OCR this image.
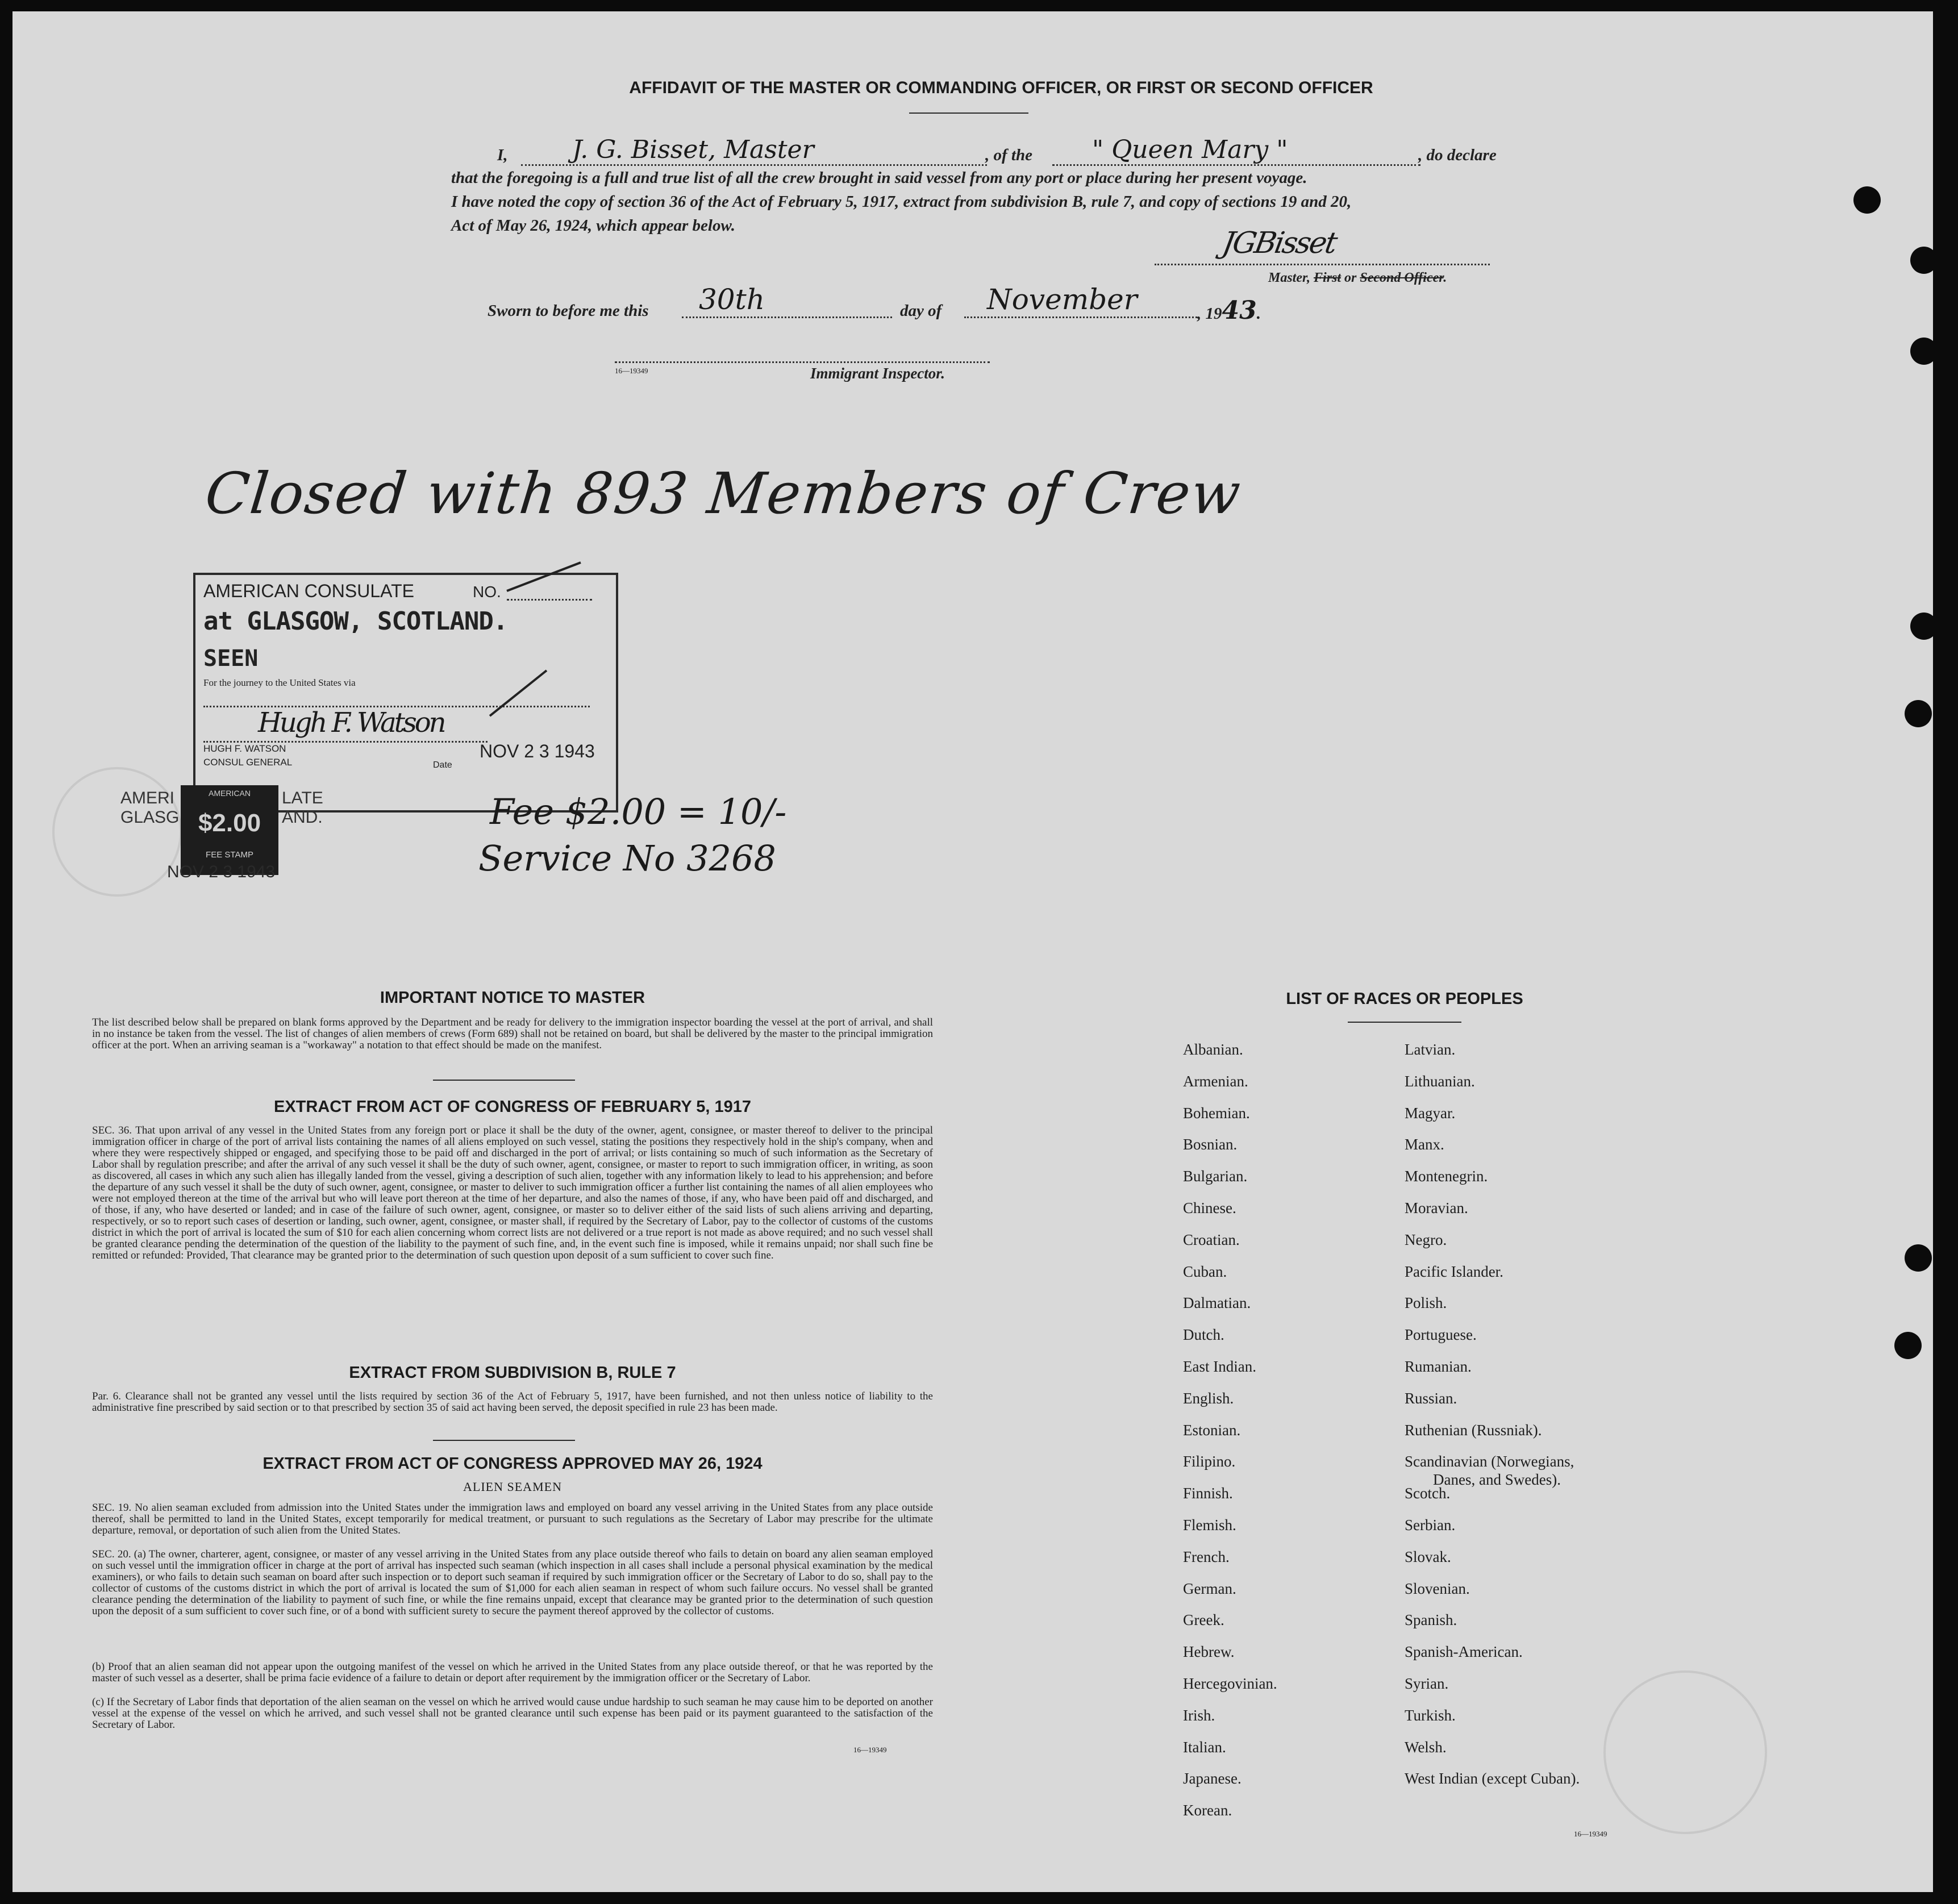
AFFIDAVIT OF THE MASTER OR COMMANDING OFFICER, OR FIRST OR SECOND OFFICER
I,	J. G. Bisset, Master	, of the	" Queen Mary "	, do declare
that the foregoing is a full and true list of all the crew brought in said vessel from any port or place during her present voyage.
I have noted the copy of section 36 of the Act of February 5, 1917, extract from subdivision B, rule 7, and copy of sections 19 and 20,
Act of May 26, 1924, which appear below.
JGBisset
Master, First or Second Officer.
Sworn to before me this	30th	day of	November	, 1943.
16—19349	Immigrant Inspector.
Closed with 893 Members of Crew
AMERICAN CONSULATE	NO.
at GLASGOW, SCOTLAND.
SEEN
For the journey to the United States via
Hugh F. Watson
HUGH F. WATSON
CONSUL GENERAL	Date
NOV 2 3 1943
AMERI
GLASG
LATE
AND.
AMERICAN
$2.00
FEE STAMP
NOV 2 3 1943
Fee $2.00 = 10/-
Service No 3268
IMPORTANT NOTICE TO MASTER
The list described below shall be prepared on blank forms approved by the Department and be ready for delivery to the immigration inspector boarding the vessel at the port of arrival, and shall in no instance be taken from the vessel. The list of changes of alien members of crews (Form 689) shall not be retained on board, but shall be delivered by the master to the principal immigration officer at the port. When an arriving seaman is a "workaway" a notation to that effect should be made on the manifest.
EXTRACT FROM ACT OF CONGRESS OF FEBRUARY 5, 1917
SEC. 36. That upon arrival of any vessel in the United States from any foreign port or place it shall be the duty of the owner, agent, consignee, or master thereof to deliver to the principal immigration officer in charge of the port of arrival lists containing the names of all aliens employed on such vessel, stating the positions they respectively hold in the ship's company, when and where they were respectively shipped or engaged, and specifying those to be paid off and discharged in the port of arrival; or lists containing so much of such information as the Secretary of Labor shall by regulation prescribe; and after the arrival of any such vessel it shall be the duty of such owner, agent, consignee, or master to report to such immigration officer, in writing, as soon as discovered, all cases in which any such alien has illegally landed from the vessel, giving a description of such alien, together with any information likely to lead to his apprehension; and before the departure of any such vessel it shall be the duty of such owner, agent, consignee, or master to deliver to such immigration officer a further list containing the names of all alien employees who were not employed thereon at the time of the arrival but who will leave port thereon at the time of her departure, and also the names of those, if any, who have been paid off and discharged, and of those, if any, who have deserted or landed; and in case of the failure of such owner, agent, consignee, or master so to deliver either of the said lists of such aliens arriving and departing, respectively, or so to report such cases of desertion or landing, such owner, agent, consignee, or master shall, if required by the Secretary of Labor, pay to the collector of customs of the customs district in which the port of arrival is located the sum of $10 for each alien concerning whom correct lists are not delivered or a true report is not made as above required; and no such vessel shall be granted clearance pending the determination of the question of the liability to the payment of such fine, and, in the event such fine is imposed, while it remains unpaid; nor shall such fine be remitted or refunded: Provided, That clearance may be granted prior to the determination of such question upon deposit of a sum sufficient to cover such fine.
EXTRACT FROM SUBDIVISION B, RULE 7
Par. 6. Clearance shall not be granted any vessel until the lists required by section 36 of the Act of February 5, 1917, have been furnished, and not then unless notice of liability to the administrative fine prescribed by said section or to that prescribed by section 35 of said act having been served, the deposit specified in rule 23 has been made.
EXTRACT FROM ACT OF CONGRESS APPROVED MAY 26, 1924
ALIEN SEAMEN
SEC. 19. No alien seaman excluded from admission into the United States under the immigration laws and employed on board any vessel arriving in the United States from any place outside thereof, shall be permitted to land in the United States, except temporarily for medical treatment, or pursuant to such regulations as the Secretary of Labor may prescribe for the ultimate departure, removal, or deportation of such alien from the United States.
SEC. 20. (a) The owner, charterer, agent, consignee, or master of any vessel arriving in the United States from any place outside thereof who fails to detain on board any alien seaman employed on such vessel until the immigration officer in charge at the port of arrival has inspected such seaman (which inspection in all cases shall include a personal physical examination by the medical examiners), or who fails to detain such seaman on board after such inspection or to deport such seaman if required by such immigration officer or the Secretary of Labor to do so, shall pay to the collector of customs of the customs district in which the port of arrival is located the sum of $1,000 for each alien seaman in respect of whom such failure occurs. No vessel shall be granted clearance pending the determination of the liability to payment of such fine, or while the fine remains unpaid, except that clearance may be granted prior to the determination of such question upon the deposit of a sum sufficient to cover such fine, or of a bond with sufficient surety to secure the payment thereof approved by the collector of customs.
(b) Proof that an alien seaman did not appear upon the outgoing manifest of the vessel on which he arrived in the United States from any place outside thereof, or that he was reported by the master of such vessel as a deserter, shall be prima facie evidence of a failure to detain or deport after requirement by the immigration officer or the Secretary of Labor.
(c) If the Secretary of Labor finds that deportation of the alien seaman on the vessel on which he arrived would cause undue hardship to such seaman he may cause him to be deported on another vessel at the expense of the vessel on which he arrived, and such vessel shall not be granted clearance until such expense has been paid or its payment guaranteed to the satisfaction of the Secretary of Labor.
16—19349
LIST OF RACES OR PEOPLES
Albanian.
Armenian.
Bohemian.
Bosnian.
Bulgarian.
Chinese.
Croatian.
Cuban.
Dalmatian.
Dutch.
East Indian.
English.
Estonian.
Filipino.
Finnish.
Flemish.
French.
German.
Greek.
Hebrew.
Hercegovinian.
Irish.
Italian.
Japanese.
Korean.
Latvian.
Lithuanian.
Magyar.
Manx.
Montenegrin.
Moravian.
Negro.
Pacific Islander.
Polish.
Portuguese.
Rumanian.
Russian.
Ruthenian (Russniak).
Scandinavian (Norwegians,
Danes, and Swedes).
Scotch.
Serbian.
Slovak.
Slovenian.
Spanish.
Spanish-American.
Syrian.
Turkish.
Welsh.
West Indian (except Cuban).
16—19349
